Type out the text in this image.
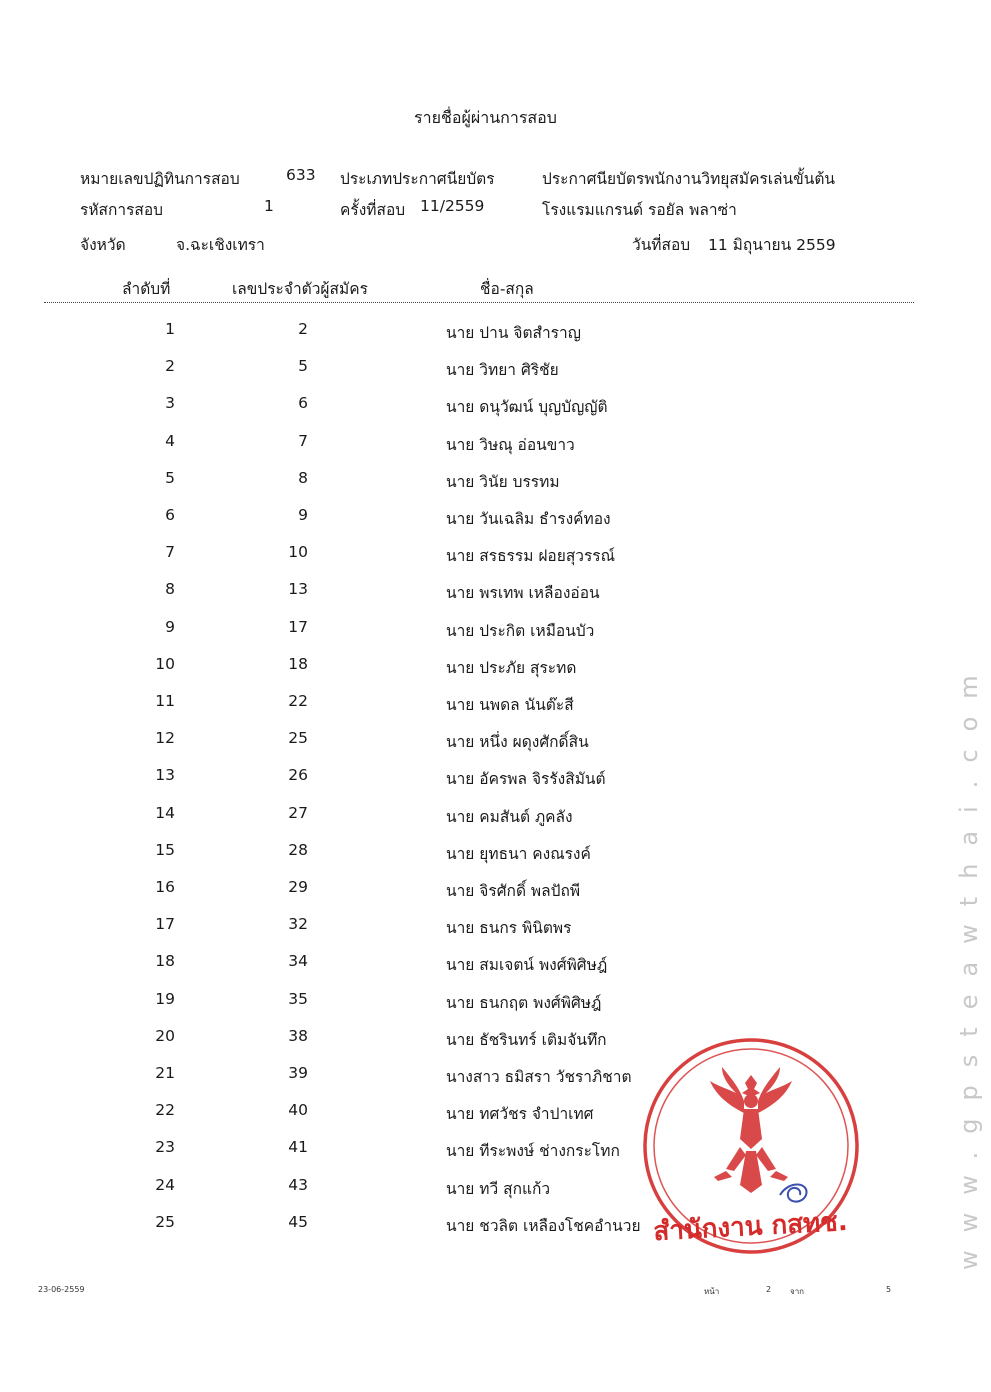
รายชื่อผู้ผ่านการสอบ
หมายเลขปฏิทินการสอบ	633 ประเภทประกาศนียบัตร	ประกาศนียบัตรพนักงานวิทยุสมัครเล่นขั้นต้น
รหัสการสอบ	1	ครั้งที่สอบ 11/2559	โรงแรมแกรนด์ รอยัล พลาซ่า
จังหวัด	จ.ฉะเชิงเทรา	วันที่สอบ 11 มิถุนายน 2559
ลำดับที่	เลขประจำตัวผู้สมัคร	ชื่อ-สกุล
1	2	นาย ปาน จิตสำราญ
2	5	นาย วิทยา ศิริชัย
3	6	นาย ดนุวัฒน์ บุญบัญญัติ
4	7	นาย วิษณุ อ่อนขาว
5	8	นาย วินัย บรรทม
6	9	นาย วันเฉลิม ธำรงค์ทอง
7	10	นาย สรธรรม ฝอยสุวรรณ์
8	13	นาย พรเทพ เหลืองอ่อน
9	17	นาย ประกิต เหมือนบัว
10	18	นาย ประภัย สุระทด
11	22	นาย นพดล นันต๊ะสี
12	25	นาย หนึ่ง ผดุงศักดิ์สิน
13	26	นาย อัครพล จิรรังสิมันต์
14	27	นาย คมสันต์ ภูคลัง
15	28	นาย ยุทธนา คงณรงค์
16	29	นาย จิรศักดิ์ พลปัถพี
17	32	นาย ธนกร พินิตพร
18	34	นาย สมเจตน์ พงศ์พิศิษฎ์
19	35	นาย ธนกฤต พงศ์พิศิษฎ์
20	38	นาย ธัชรินทร์ เติมจันทึก
21	39	นางสาว ธมิสรา วัชราภิชาต
22	40	นาย ทศวัชร จำปาเทศ
23	41	นาย ทีระพงษ์ ช่างกระโทก
24	43	นาย ทวี สุกแก้ว
25	45	นาย ชวลิต เหลืองโชคอำนวย
23-06-2559	หน้า	2 จาก	5
www.gpsteawthai.com
สำนักงาน กสทช.
